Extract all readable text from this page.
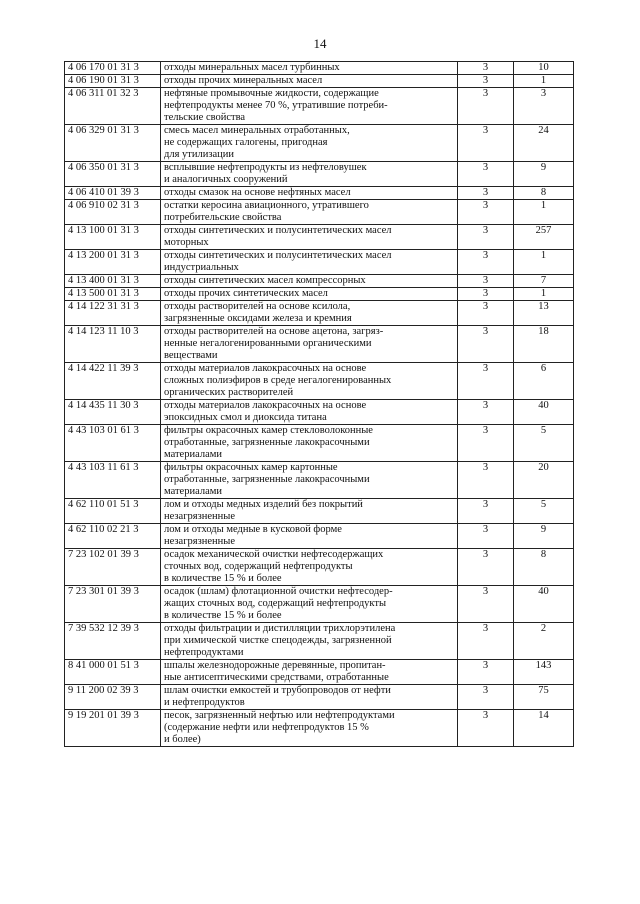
14
4 06 170 01 31 3	отходы минеральных масел турбинных	3	10
4 06 190 01 31 3	отходы прочих минеральных масел	3	1
4 06 311 01 32 3	нефтяные промывочные жидкости, содержащие
нефтепродукты менее 70 %, утратившие потреби-
тельские свойства	3	3
4 06 329 01 31 3	смесь масел минеральных отработанных,
не содержащих галогены, пригодная
для утилизации	3	24
4 06 350 01 31 3	всплывшие нефтепродукты из нефтеловушек
и аналогичных сооружений	3	9
4 06 410 01 39 3	отходы смазок на основе нефтяных масел	3	8
4 06 910 02 31 3	остатки керосина авиационного, утратившего
потребительские свойства	3	1
4 13 100 01 31 3	отходы синтетических и полусинтетических масел
моторных	3	257
4 13 200 01 31 3	отходы синтетических и полусинтетических масел
индустриальных	3	1
4 13 400 01 31 3	отходы синтетических масел компрессорных	3	7
4 13 500 01 31 3	отходы прочих синтетических масел	3	1
4 14 122 31 31 3	отходы растворителей на основе ксилола,
загрязненные оксидами железа и кремния	3	13
4 14 123 11 10 3	отходы растворителей на основе ацетона, загряз-
ненные негалогенированными органическими
веществами	3	18
4 14 422 11 39 3	отходы материалов лакокрасочных на основе
сложных полиэфиров в среде негалогенированных
органических растворителей	3	6
4 14 435 11 30 3	отходы материалов лакокрасочных на основе
эпоксидных смол и диоксида титана	3	40
4 43 103 01 61 3	фильтры окрасочных камер стекловолоконные
отработанные, загрязненные лакокрасочными
материалами	3	5
4 43 103 11 61 3	фильтры окрасочных камер картонные
отработанные, загрязненные лакокрасочными
материалами	3	20
4 62 110 01 51 3	лом и отходы медных изделий без покрытий
незагрязненные	3	5
4 62 110 02 21 3	лом и отходы медные в кусковой форме
незагрязненные	3	9
7 23 102 01 39 3	осадок механической очистки нефтесодержащих
сточных вод, содержащий нефтепродукты
в количестве 15 % и более	3	8
7 23 301 01 39 3	осадок (шлам) флотационной очистки нефтесодер-
жащих сточных вод, содержащий нефтепродукты
в количестве 15 % и более	3	40
7 39 532 12 39 3	отходы фильтрации и дистилляции трихлорэтилена
при химической чистке спецодежды, загрязненной
нефтепродуктами	3	2
8 41 000 01 51 3	шпалы железнодорожные деревянные, пропитан-
ные антисептическими средствами, отработанные	3	143
9 11 200 02 39 3	шлам очистки емкостей и трубопроводов от нефти
и нефтепродуктов	3	75
9 19 201 01 39 3	песок, загрязненный нефтью или нефтепродуктами
(содержание нефти или нефтепродуктов 15 %
и более)	3	14
